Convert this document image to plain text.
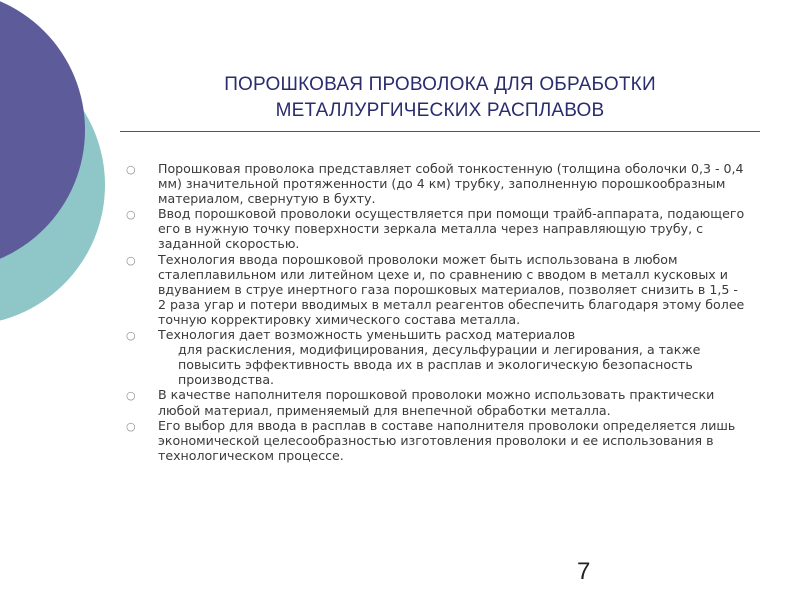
ПОРОШКОВАЯ ПРОВОЛОКА ДЛЯ ОБРАБОТКИ
МЕТАЛЛУРГИЧЕСКИХ РАСПЛАВОВ
○ Порошковая проволока представляет собой тонкостенную (толщина оболочки 0,3 - 0,4 мм) значительной протяженности (до 4 км) трубку, заполненную порошкообразным материалом, свернутую в бухту.
○ Ввод порошковой проволоки осуществляется при помощи трайб-аппарата, подающего его в нужную точку поверхности зеркала металла через направляющую трубу, с заданной скоростью.
○ Технология ввода порошковой проволоки может быть использована в любом сталеплавильном или литейном цехе и, по сравнению с вводом в металл кусковых и вдуванием в струе инертного газа порошковых материалов, позволяет снизить в 1,5 - 2 раза угар и потери вводимых в металл реагентов обеспечить благодаря этому более точную корректировку химического состава металла.
○ Технология дает возможность уменьшить расход материалов
для раскисления, модифицирования, десульфурации и легирования, а также повысить эффективность ввода их в расплав и экологическую безопасность производства.
○ В качестве наполнителя порошковой проволоки можно использовать практически любой материал, применяемый для внепечной обработки металла.
○ Его выбор для ввода в расплав в составе наполнителя проволоки определяется лишь экономической целесообразностью изготовления проволоки и ее использования в технологическом процессе.
7
